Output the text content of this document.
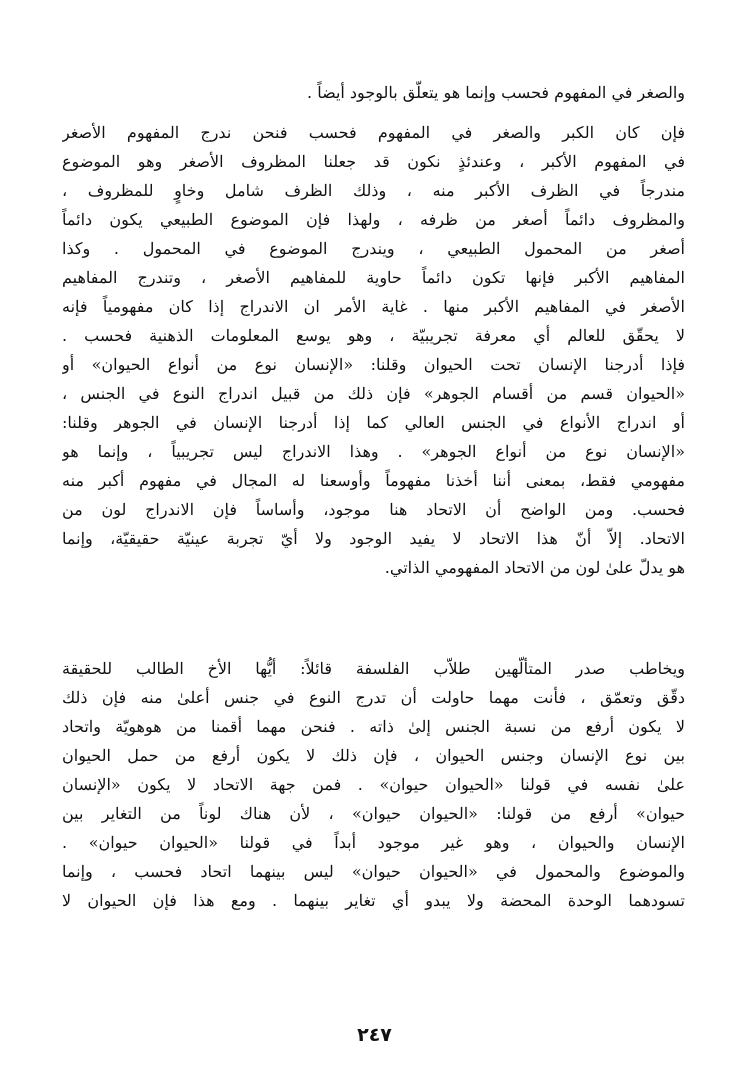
والصغر في المفهوم فحسب وإنما هو يتعلّق بالوجود أيضاً .
فإن كان الكبر والصغر في المفهوم فحسب فنحن ندرج المفهوم الأصغر
في المفهوم الأكبر ، وعندئذٍ نكون قد جعلنا المظروف الأصغر وهو الموضوع
مندرجاً في الظرف الأكبر منه ، وذلك الظرف شامل وخاوٍ للمظروف ،
والمظروف دائماً أصغر من ظرفه ، ولهذا فإن الموضوع الطبيعي يكون دائماً
أصغر من المحمول الطبيعي ، ويندرج الموضوع في المحمول . وكذا
المفاهيم الأكبر فإنها تكون دائماً حاوية للمفاهيم الأصغر ، وتندرج المفاهيم
الأصغر في المفاهيم الأكبر منها . غاية الأمر ان الاندراج إذا كان مفهومياً فإنه
لا يحقّق للعالم أي معرفة تجريبيّة ، وهو يوسع المعلومات الذهنية فحسب .
فإذا أدرجنا الإنسان تحت الحيوان وقلنا: «الإنسان نوع من أنواع الحيوان» أو
«الحيوان قسم من أقسام الجوهر» فإن ذلك من قبيل اندراج النوع في الجنس ،
أو اندراج الأنواع في الجنس العالي كما إذا أدرجنا الإنسان في الجوهر وقلنا:
«الإنسان نوع من أنواع الجوهر» . وهذا الاندراج ليس تجريبياً ، وإنما هو
مفهومي فقط، بمعنى أننا أخذنا مفهوماً وأوسعنا له المجال في مفهوم أكبر منه
فحسب. ومن الواضح أن الاتحاد هنا موجود، وأساساً فإن الاندراج لون من
الاتحاد. إلاّ أنّ هذا الاتحاد لا يفيد الوجود ولا أيّ تجربة عينيّة حقيقيّة، وإنما
هو يدلّ علىٰ لون من الاتحاد المفهومي الذاتي.
ويخاطب صدر المتألّهين طلاّب الفلسفة قائلاً: أيُّها الأخ الطالب للحقيقة
دقّق وتعمّق ، فأنت مهما حاولت أن تدرج النوع في جنس أعلىٰ منه فإن ذلك
لا يكون أرفع من نسبة الجنس إلىٰ ذاته . فنحن مهما أقمنا من هوهويّة واتحاد
بين نوع الإنسان وجنس الحيوان ، فإن ذلك لا يكون أرفع من حمل الحيوان
علىٰ نفسه في قولنا «الحيوان حيوان» . فمن جهة الاتحاد لا يكون «الإنسان
حيوان» أرفع من قولنا: «الحيوان حيوان» ، لأن هناك لوناً من التغاير بين
الإنسان والحيوان ، وهو غير موجود أبداً في قولنا «الحيوان حيوان» .
والموضوع والمحمول في «الحيوان حيوان» ليس بينهما اتحاد فحسب ، وإنما
تسودهما الوحدة المحضة ولا يبدو أي تغاير بينهما . ومع هذا فإن الحيوان لا
٢٤٧
